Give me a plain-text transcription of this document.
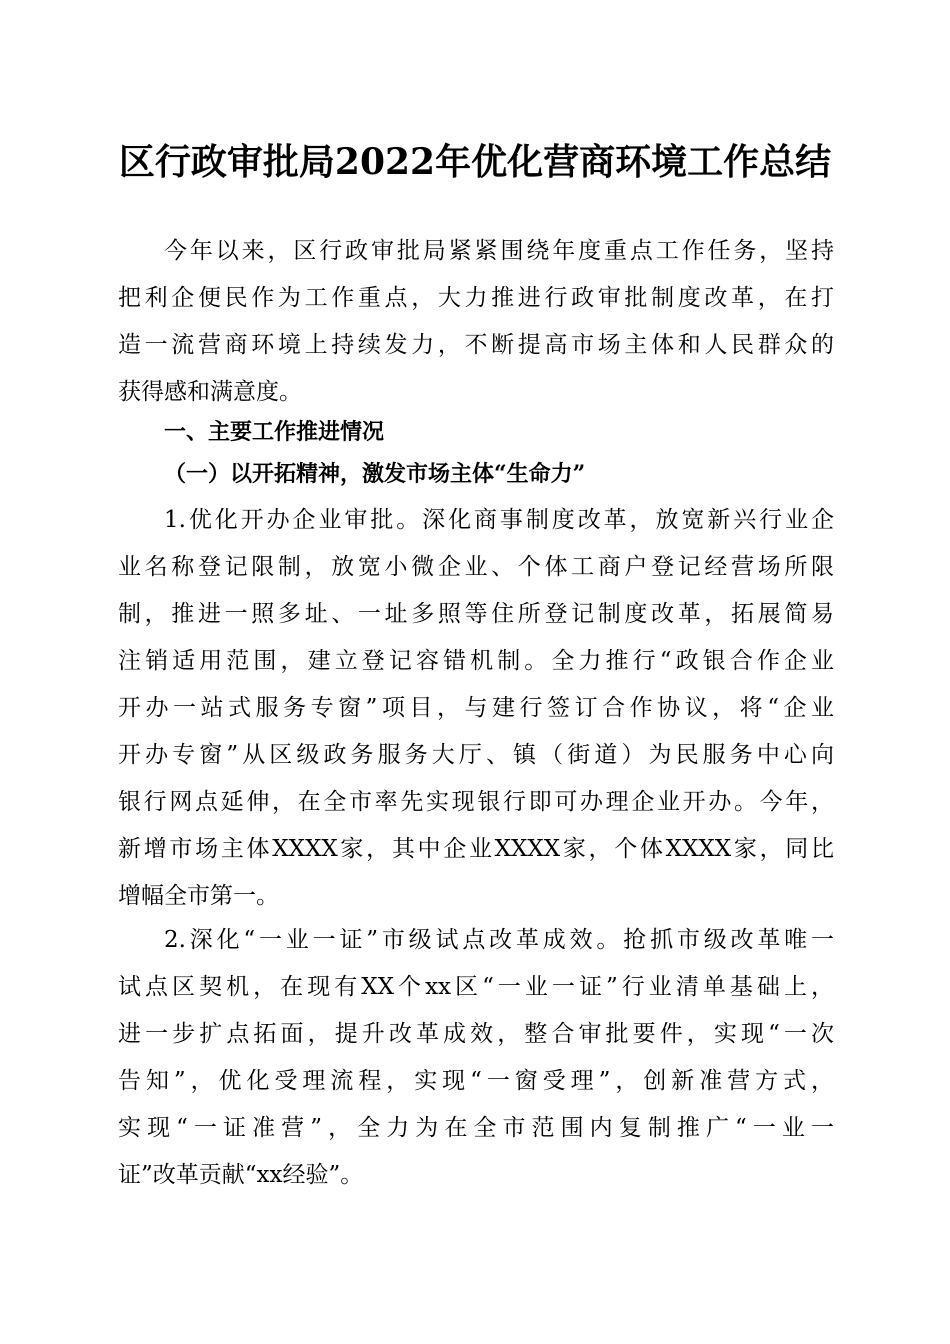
区行政审批局2022年优化营商环境工作总结
今年以来，区行政审批局紧紧围绕年度重点工作任务，坚持
把利企便民作为工作重点，大力推进行政审批制度改革，在打
造一流营商环境上持续发力，不断提高市场主体和人民群众的
获得感和满意度。
一、主要工作推进情况
（一）以开拓精神，激发市场主体“生命力”
1.优化开办企业审批。深化商事制度改革，放宽新兴行业企
业名称登记限制，放宽小微企业、个体工商户登记经营场所限
制，推进一照多址、一址多照等住所登记制度改革，拓展简易
注销适用范围，建立登记容错机制。全力推行“政银合作企业
开办一站式服务专窗”项目，与建行签订合作协议，将“企业
开办专窗”从区级政务服务大厅、镇（街道）为民服务中心向
银行网点延伸，在全市率先实现银行即可办理企业开办。今年，
新增市场主体XXXX家，其中企业XXXX家，个体XXXX家，同比
增幅全市第一。
2.深化“一业一证”市级试点改革成效。抢抓市级改革唯一
试点区契机，在现有XX个xx区“一业一证”行业清单基础上，
进一步扩点拓面，提升改革成效，整合审批要件，实现“一次
告知”，优化受理流程，实现“一窗受理”，创新准营方式，
实现“一证准营”，全力为在全市范围内复制推广“一业一
证”改革贡献“xx经验”。
